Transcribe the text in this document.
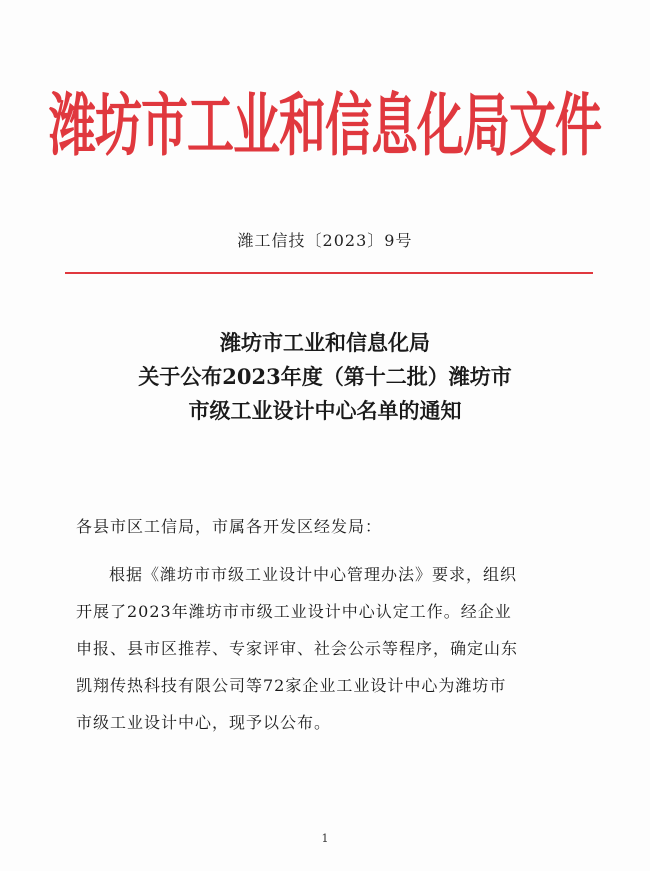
潍坊市工业和信息化局文件
潍工信技〔2023〕9号
潍坊市工业和信息化局
关于公布2023年度（第十二批）潍坊市
市级工业设计中心名单的通知
各县市区工信局，市属各开发区经发局：
根据《潍坊市市级工业设计中心管理办法》要求，组织
开展了2023年潍坊市市级工业设计中心认定工作。经企业
申报、县市区推荐、专家评审、社会公示等程序，确定山东
凯翔传热科技有限公司等72家企业工业设计中心为潍坊市
市级工业设计中心，现予以公布。
1
